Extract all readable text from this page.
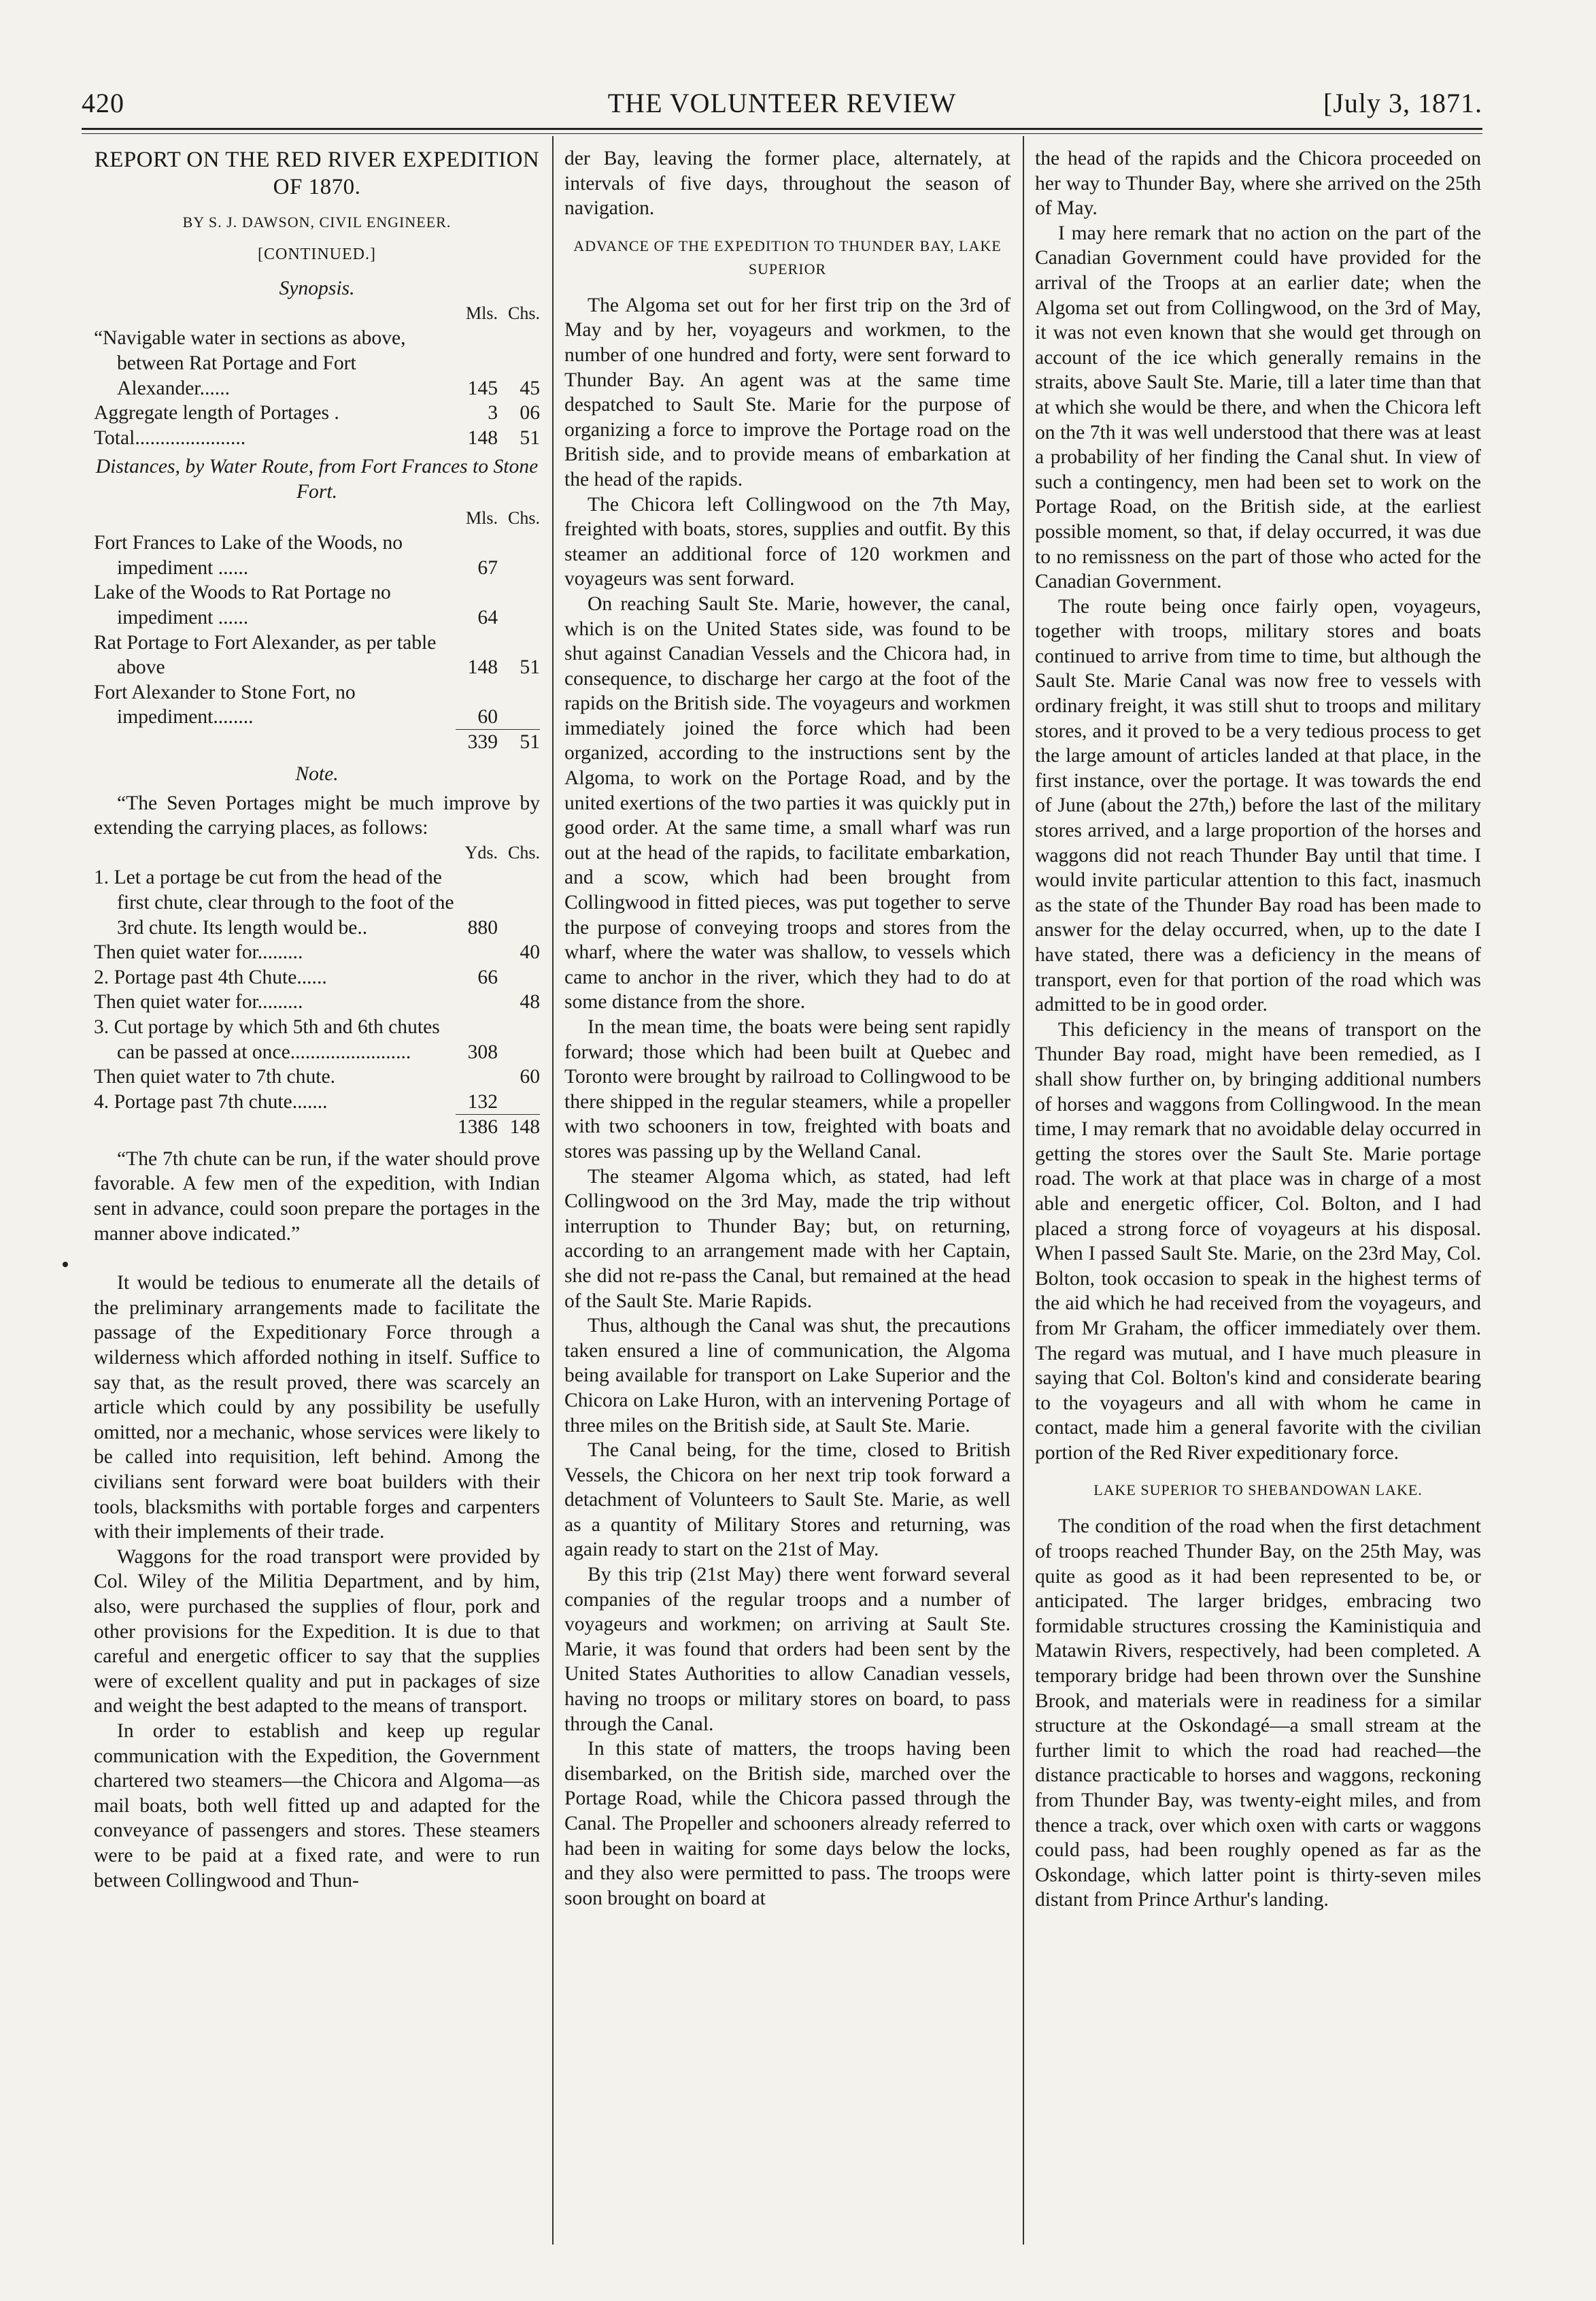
420	THE VOLUNTEER REVIEW	[July 3, 1871.
REPORT ON THE RED RIVER EXPEDITION OF 1870.
BY S. J. DAWSON, CIVIL ENGINEER.
[CONTINUED.]
Synopsis.
	Mls.	Chs.
“Navigable water in sections as above, between Rat Portage and Fort Alexander......	145	45
Aggregate length of Portages .	3	06
Total......................	148	51
Distances, by Water Route, from Fort Frances to Stone Fort.
	Mls.	Chs.
Fort Frances to Lake of the Woods, no impediment ......	67	
Lake of the Woods to Rat Portage no impediment ......	64	
Rat Portage to Fort Alexander, as per table above	148	51
Fort Alexander to Stone Fort, no impediment........	60	
	339	51
Note.

“The Seven Portages might be much improve by extending the carrying places, as follows:

	Yds.	Chs.
1. Let a portage be cut from the head of the first chute, clear through to the foot of the 3rd chute. Its length would be..	880	
Then quiet water for.........		40
2. Portage past 4th Chute......	66	
Then quiet water for.........		48
3. Cut portage by which 5th and 6th chutes can be passed at once........................	308	
Then quiet water to 7th chute.		60
4. Portage past 7th chute.......	132	
	1386	148

“The 7th chute can be run, if the water should prove favorable. A few men of the expedition, with Indian sent in advance, could soon prepare the portages in the manner above indicated.”

It would be tedious to enumerate all the details of the preliminary arrangements made to facilitate the passage of the Expeditionary Force through a wilderness which afforded nothing in itself. Suffice to say that, as the result proved, there was scarcely an article which could by any possibility be usefully omitted, nor a mechanic, whose services were likely to be called into requisition, left behind. Among the civilians sent forward were boat builders with their tools, blacksmiths with portable forges and carpenters with their implements of their trade.

Waggons for the road transport were provided by Col. Wiley of the Militia Department, and by him, also, were purchased the supplies of flour, pork and other provisions for the Expedition. It is due to that careful and energetic officer to say that the supplies were of excellent quality and put in packages of size and weight the best adapted to the means of transport.

In order to establish and keep up regular communication with the Expedition, the Government chartered two steamers—the Chicora and Algoma—as mail boats, both well fitted up and adapted for the conveyance of passengers and stores. These steamers were to be paid at a fixed rate, and were to run between Collingwood and Thun-

der Bay, leaving the former place, alternately, at intervals of five days, throughout the season of navigation.

ADVANCE OF THE EXPEDITION TO THUNDER BAY, LAKE SUPERIOR

The Algoma set out for her first trip on the 3rd of May and by her, voyageurs and workmen, to the number of one hundred and forty, were sent forward to Thunder Bay. An agent was at the same time despatched to Sault Ste. Marie for the purpose of organizing a force to improve the Portage road on the British side, and to provide means of embarkation at the head of the rapids.

The Chicora left Collingwood on the 7th May, freighted with boats, stores, supplies and outfit. By this steamer an additional force of 120 workmen and voyageurs was sent forward.

On reaching Sault Ste. Marie, however, the canal, which is on the United States side, was found to be shut against Canadian Vessels and the Chicora had, in consequence, to discharge her cargo at the foot of the rapids on the British side. The voyageurs and workmen immediately joined the force which had been organized, according to the instructions sent by the Algoma, to work on the Portage Road, and by the united exertions of the two parties it was quickly put in good order. At the same time, a small wharf was run out at the head of the rapids, to facilitate embarkation, and a scow, which had been brought from Collingwood in fitted pieces, was put together to serve the purpose of conveying troops and stores from the wharf, where the water was shallow, to vessels which came to anchor in the river, which they had to do at some distance from the shore.

In the mean time, the boats were being sent rapidly forward; those which had been built at Quebec and Toronto were brought by railroad to Collingwood to be there shipped in the regular steamers, while a propeller with two schooners in tow, freighted with boats and stores was passing up by the Welland Canal.

The steamer Algoma which, as stated, had left Collingwood on the 3rd May, made the trip without interruption to Thunder Bay; but, on returning, according to an arrangement made with her Captain, she did not re-pass the Canal, but remained at the head of the Sault Ste. Marie Rapids.

Thus, although the Canal was shut, the precautions taken ensured a line of communication, the Algoma being available for transport on Lake Superior and the Chicora on Lake Huron, with an intervening Portage of three miles on the British side, at Sault Ste. Marie.

The Canal being, for the time, closed to British Vessels, the Chicora on her next trip took forward a detachment of Volunteers to Sault Ste. Marie, as well as a quantity of Military Stores and returning, was again ready to start on the 21st of May.

By this trip (21st May) there went forward several companies of the regular troops and a number of voyageurs and workmen; on arriving at Sault Ste. Marie, it was found that orders had been sent by the United States Authorities to allow Canadian vessels, having no troops or military stores on board, to pass through the Canal.

In this state of matters, the troops having been disembarked, on the British side, marched over the Portage Road, while the Chicora passed through the Canal. The Propeller and schooners already referred to had been in waiting for some days below the locks, and they also were permitted to pass. The troops were soon brought on board at

the head of the rapids and the Chicora proceeded on her way to Thunder Bay, where she arrived on the 25th of May.

I may here remark that no action on the part of the Canadian Government could have provided for the arrival of the Troops at an earlier date; when the Algoma set out from Collingwood, on the 3rd of May, it was not even known that she would get through on account of the ice which generally remains in the straits, above Sault Ste. Marie, till a later time than that at which she would be there, and when the Chicora left on the 7th it was well understood that there was at least a probability of her finding the Canal shut. In view of such a contingency, men had been set to work on the Portage Road, on the British side, at the earliest possible moment, so that, if delay occurred, it was due to no remissness on the part of those who acted for the Canadian Government.

The route being once fairly open, voyageurs, together with troops, military stores and boats continued to arrive from time to time, but although the Sault Ste. Marie Canal was now free to vessels with ordinary freight, it was still shut to troops and military stores, and it proved to be a very tedious process to get the large amount of articles landed at that place, in the first instance, over the portage. It was towards the end of June (about the 27th,) before the last of the military stores arrived, and a large proportion of the horses and waggons did not reach Thunder Bay until that time. I would invite particular attention to this fact, inasmuch as the state of the Thunder Bay road has been made to answer for the delay occurred, when, up to the date I have stated, there was a deficiency in the means of transport, even for that portion of the road which was admitted to be in good order.

This deficiency in the means of transport on the Thunder Bay road, might have been remedied, as I shall show further on, by bringing additional numbers of horses and waggons from Collingwood. In the mean time, I may remark that no avoidable delay occurred in getting the stores over the Sault Ste. Marie portage road. The work at that place was in charge of a most able and energetic officer, Col. Bolton, and I had placed a strong force of voyageurs at his disposal. When I passed Sault Ste. Marie, on the 23rd May, Col. Bolton, took occasion to speak in the highest terms of the aid which he had received from the voyageurs, and from Mr Graham, the officer immediately over them. The regard was mutual, and I have much pleasure in saying that Col. Bolton's kind and considerate bearing to the voyageurs and all with whom he came in contact, made him a general favorite with the civilian portion of the Red River expeditionary force.

LAKE SUPERIOR TO SHEBANDOWAN LAKE.

The condition of the road when the first detachment of troops reached Thunder Bay, on the 25th May, was quite as good as it had been represented to be, or anticipated. The larger bridges, embracing two formidable structures crossing the Kaministiquia and Matawin Rivers, respectively, had been completed. A temporary bridge had been thrown over the Sunshine Brook, and materials were in readiness for a similar structure at the Oskondagé—a small stream at the further limit to which the road had reached—the distance practicable to horses and waggons, reckoning from Thunder Bay, was twenty-eight miles, and from thence a track, over which oxen with carts or waggons could pass, had been roughly opened as far as the Oskondage, which latter point is thirty-seven miles distant from Prince Arthur's landing.
